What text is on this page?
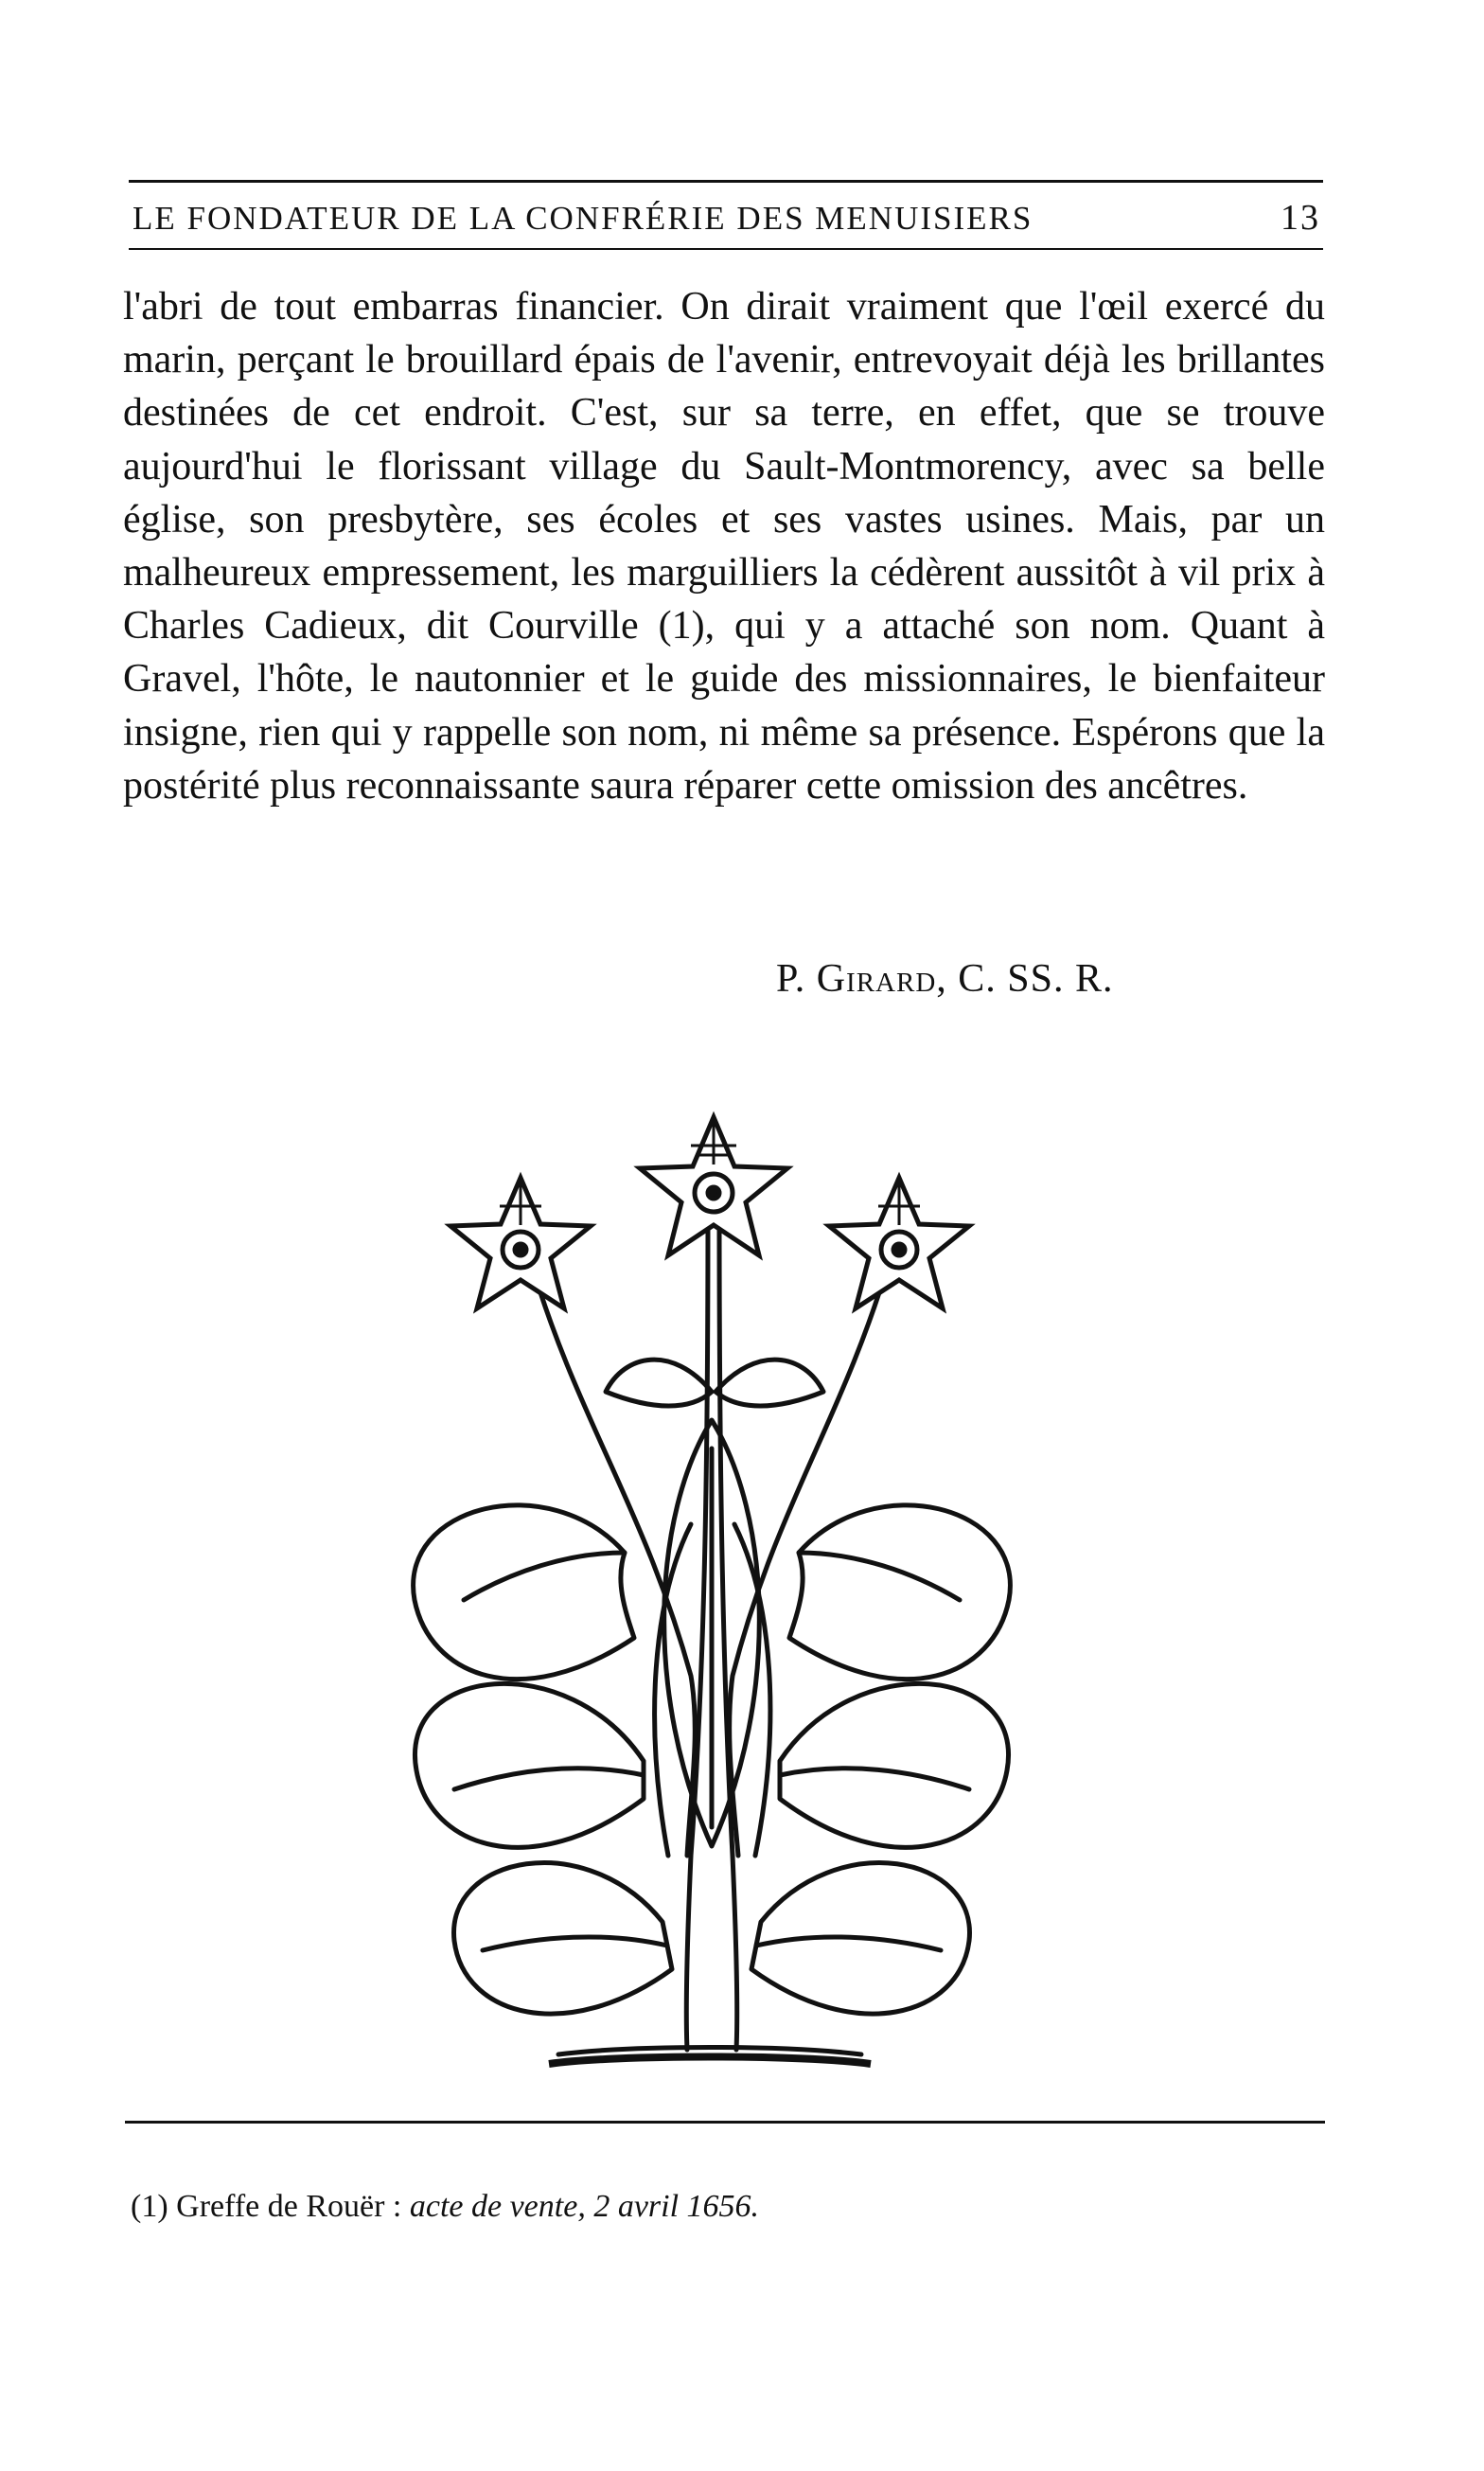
LE FONDATEUR DE LA CONFRÉRIE DES MENUISIERS	13

l'abri de tout embarras financier. On dirait vraiment que l'œil exercé du marin, perçant le brouillard épais de l'avenir, entrevoyait déjà les brillantes destinées de cet endroit. C'est, sur sa terre, en effet, que se trouve aujourd'hui le florissant village du Sault-Montmorency, avec sa belle église, son presbytère, ses écoles et ses vastes usines. Mais, par un malheureux empressement, les marguilliers la cédèrent aussitôt à vil prix à Charles Cadieux, dit Courville (1), qui y a attaché son nom. Quant à Gravel, l'hôte, le nautonnier et le guide des missionnaires, le bienfaiteur insigne, rien qui y rappelle son nom, ni même sa présence. Espérons que la postérité plus reconnaissante saura réparer cette omission des ancêtres.

P. Girard, C. SS. R.
(1) Greffe de Rouër : acte de vente, 2 avril 1656.
